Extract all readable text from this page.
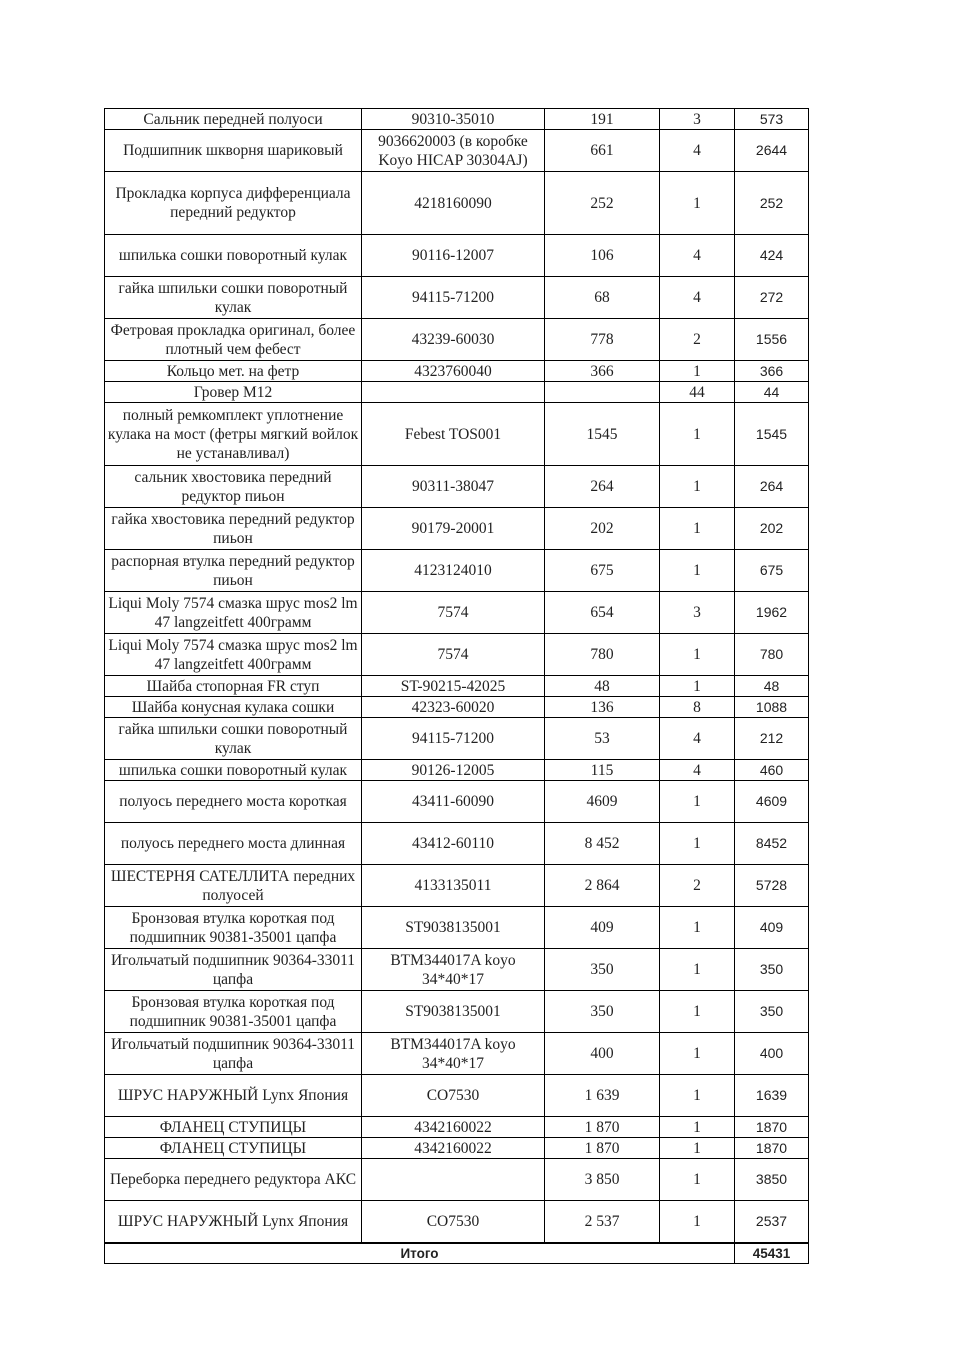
Сальник передней полуоси	90310-35010	191	3	573
Подшипник шкворня шариковый	9036620003 (в коробке Koyo HICAP 30304AJ)	661	4	2644
Прокладка корпуса дифференциала передний редуктор	4218160090	252	1	252
шпилька сошки поворотный кулак	90116-12007	106	4	424
гайка шпильки сошки поворотный кулак	94115-71200	68	4	272
Фетровая прокладка оригинал, более плотный чем фебест	43239-60030	778	2	1556
Кольцо мет. на фетр	4323760040	366	1	366
Гровер М12			44	44
полный ремкомплект уплотнение кулака на мост (фетры мягкий войлок не устанавливал)	Febest TOS001	1545	1	1545
сальник хвостовика передний редуктор пиьон	90311-38047	264	1	264
гайка хвостовика передний редуктор пиьон	90179-20001	202	1	202
распорная втулка передний редуктор пиьон	4123124010	675	1	675
Liqui Moly 7574 смазка шрус mos2 lm 47 langzeitfett 400грамм	7574	654	3	1962
Liqui Moly 7574 смазка шрус mos2 lm 47 langzeitfett 400грамм	7574	780	1	780
Шайба стопорная FR ступ	ST-90215-42025	48	1	48
Шайба конусная кулака сошки	42323-60020	136	8	1088
гайка шпильки сошки поворотный кулак	94115-71200	53	4	212
шпилька сошки поворотный кулак	90126-12005	115	4	460
полуось переднего моста короткая	43411-60090	4609	1	4609
полуось переднего моста длинная	43412-60110	8 452	1	8452
ШЕСТЕРНЯ САТЕЛЛИТА передних полуосей	4133135011	2 864	2	5728
Бронзовая втулка короткая под подшипник 90381-35001 цапфа	ST9038135001	409	1	409
Игольчатый подшипник 90364-33011 цапфа	BTM344017A koyo 34*40*17	350	1	350
Бронзовая втулка короткая под подшипник 90381-35001 цапфа	ST9038135001	350	1	350
Игольчатый подшипник 90364-33011 цапфа	BTM344017A koyo 34*40*17	400	1	400
ШРУС НАРУЖНЫЙ Lynx Япония	CO7530	1 639	1	1639
ФЛАНЕЦ СТУПИЦЫ	4342160022	1 870	1	1870
ФЛАНЕЦ СТУПИЦЫ	4342160022	1 870	1	1870
Переборка переднего редуктора АКС		3 850	1	3850
ШРУС НАРУЖНЫЙ Lynx Япония	CO7530	2 537	1	2537
Итого				45431
